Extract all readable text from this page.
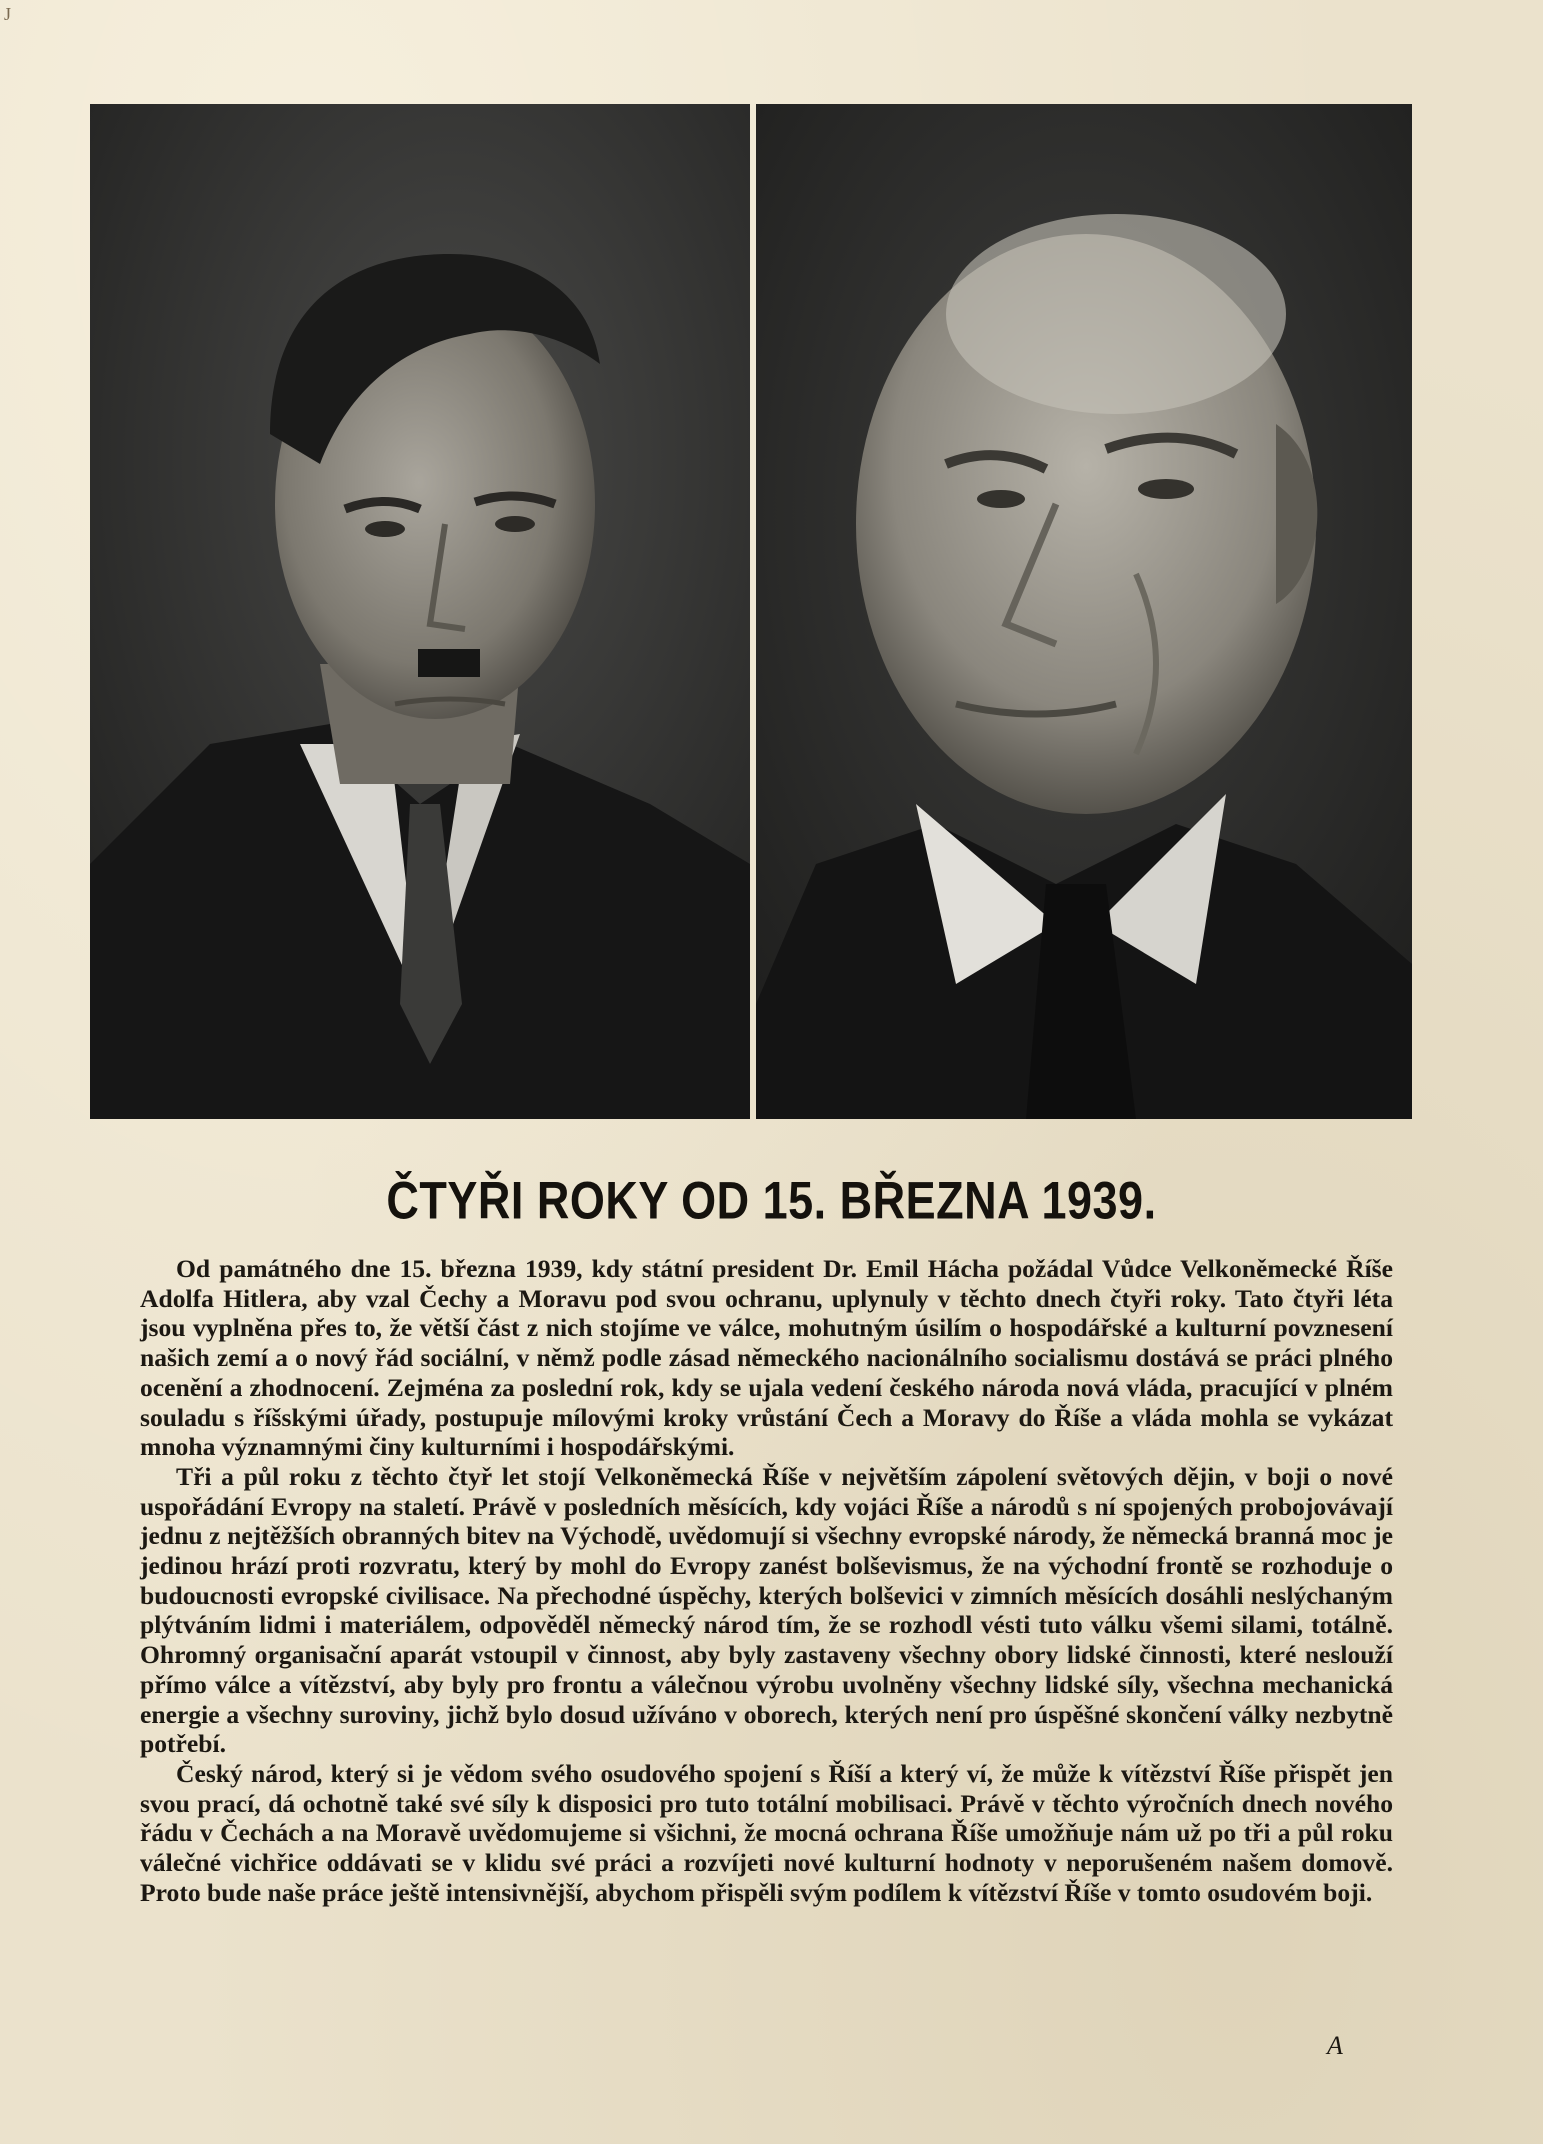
J
ČTYŘI ROKY OD 15. BŘEZNA 1939.

Od památného dne 15. března 1939, kdy státní president Dr. Emil Hácha požádal Vůdce Velkoněmecké Říše Adolfa Hitlera, aby vzal Čechy a Moravu pod svou ochranu, uplynuly v těchto dnech čtyři roky. Tato čtyři léta jsou vyplněna přes to, že větší část z nich stojíme ve válce, mohutným úsilím o hospodářské a kulturní povznesení našich zemí a o nový řád sociální, v němž podle zásad německého nacionálního socialismu dostává se práci plného ocenění a zhodnocení. Zejména za poslední rok, kdy se ujala vedení českého národa nová vláda, pracující v plném souladu s říšskými úřady, postupuje mílovými kroky vrůstání Čech a Moravy do Říše a vláda mohla se vykázat mnoha významnými činy kulturními i hospodářskými.

Tři a půl roku z těchto čtyř let stojí Velkoněmecká Říše v největším zápolení světových dějin, v boji o nové uspořádání Evropy na staletí. Právě v posledních měsících, kdy vojáci Říše a národů s ní spojených probojovávají jednu z nejtěžších obranných bitev na Východě, uvědomují si všechny evropské národy, že německá branná moc je jedinou hrází proti rozvratu, který by mohl do Evropy zanést bolševismus, že na východní frontě se rozhoduje o budoucnosti evropské civilisace. Na přechodné úspěchy, kterých bolševici v zimních měsících dosáhli neslýchaným plýtváním lidmi i materiálem, odpověděl německý národ tím, že se rozhodl vésti tuto válku všemi silami, totálně. Ohromný organisační aparát vstoupil v činnost, aby byly zastaveny všechny obory lidské činnosti, které neslouží přímo válce a vítězství, aby byly pro frontu a válečnou výrobu uvolněny všechny lidské síly, všechna mechanická energie a všechny suroviny, jichž bylo dosud užíváno v oborech, kterých není pro úspěšné skončení války nezbytně potřebí.

Český národ, který si je vědom svého osudového spojení s Říší a který ví, že může k vítězství Říše přispět jen svou prací, dá ochotně také své síly k disposici pro tuto totální mobilisaci. Právě v těchto výročních dnech nového řádu v Čechách a na Moravě uvědomujeme si všichni, že mocná ochrana Říše umožňuje nám už po tři a půl roku válečné vichřice oddávati se v klidu své práci a rozvíjeti nové kulturní hodnoty v neporušeném našem domově. Proto bude naše práce ještě intensivnější, abychom přispěli svým podílem k vítězství Říše v tomto osudovém boji.

A
